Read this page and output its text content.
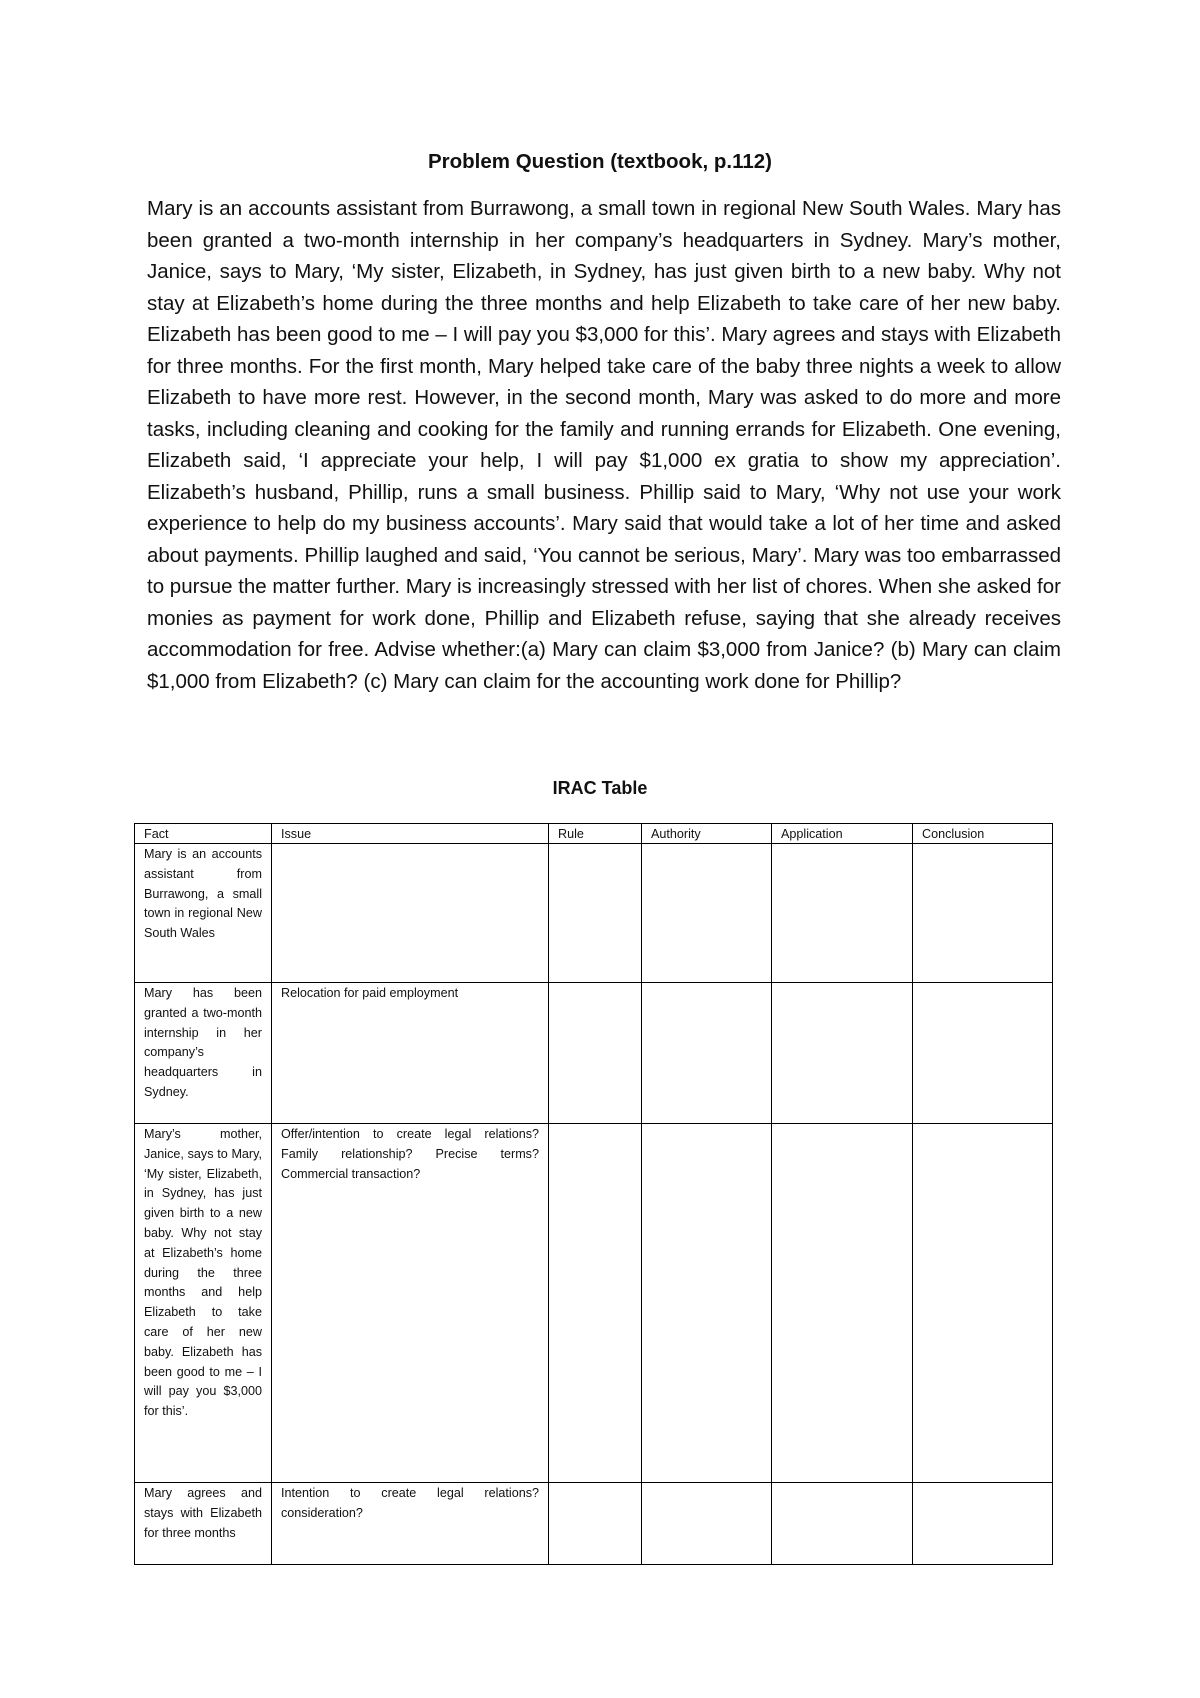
Problem Question (textbook, p.112)

Mary is an accounts assistant from Burrawong, a small town in regional New South Wales. Mary has been granted a two-month internship in her company’s headquarters in Sydney. Mary’s mother, Janice, says to Mary, ‘My sister, Elizabeth, in Sydney, has just given birth to a new baby. Why not stay at Elizabeth’s home during the three months and help Elizabeth to take care of her new baby. Elizabeth has been good to me – I will pay you $3,000 for this’. Mary agrees and stays with Elizabeth for three months. For the first month, Mary helped take care of the baby three nights a week to allow Elizabeth to have more rest. However, in the second month, Mary was asked to do more and more tasks, including cleaning and cooking for the family and running errands for Elizabeth. One evening, Elizabeth said, ‘I appreciate your help, I will pay $1,000 ex gratia to show my appreciation’. Elizabeth’s husband, Phillip, runs a small business. Phillip said to Mary, ‘Why not use your work experience to help do my business accounts’. Mary said that would take a lot of her time and asked about payments. Phillip laughed and said, ‘You cannot be serious, Mary’. Mary was too embarrassed to pursue the matter further. Mary is increasingly stressed with her list of chores. When she asked for monies as payment for work done, Phillip and Elizabeth refuse, saying that she already receives accommodation for free. Advise whether:(a) Mary can claim $3,000 from Janice? (b) Mary can claim $1,000 from Elizabeth? (c) Mary can claim for the accounting work done for Phillip?

IRAC Table
Fact	Issue	Rule	Authority	Application	Conclusion
Mary is an accounts assistant from Burrawong, a small town in regional New South Wales					
Mary has been granted a two-month internship in her company’s headquarters in Sydney.	Relocation for paid employment				
Mary’s mother, Janice, says to Mary, ‘My sister, Elizabeth, in Sydney, has just given birth to a new baby. Why not stay at Elizabeth’s home during the three months and help Elizabeth to take care of her new baby. Elizabeth has been good to me – I will pay you $3,000 for this’.	Offer/intention to create legal relations? Family relationship? Precise terms? Commercial transaction?				
Mary agrees and stays with Elizabeth for three months	Intention to create legal relations? consideration?				
